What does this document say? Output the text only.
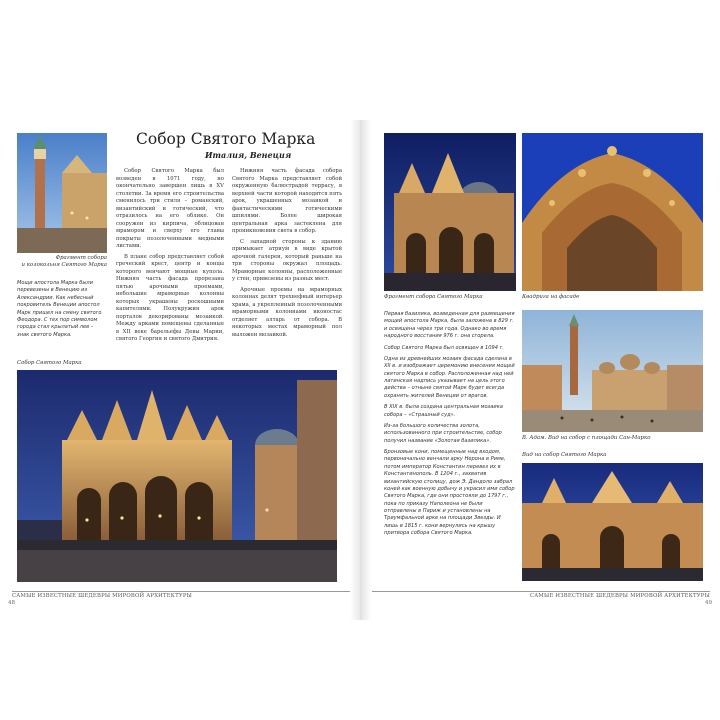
Фрагмент собора
и колокольня Святого Марка
Мощи апостола Марка были перевезены в Венецию из Александрии. Как небесный покровитель Венеции апостол Марк пришел на смену святого Феодора. С тех пор символом города стал крылатый лев – знак святого Марка.
Собор Святого Марка
Италия, Венеция

Собор Святого Марка был возведен в 1071 году, но окончательно завершен лишь в XV столетии. За время его строительства сменилось три стиля – романский, византийский и готический, что отразилось на его облике. Он сооружен из кирпича, облицован мрамором и сверху его главы покрыты позолоченными медными листами.

В плане собор представляет собой греческий крест, центр и концы которого венчают мощные купола. Нижняя часть фасада прорезана пятью арочными проемами, небольшие мраморные колонны которых украшены роскошными капителями. Полукружия арок порталов декорированы мозаикой. Между арками помещены сделанные в XII веке барельефы Девы Марии, святого Георгия и святого Дмитрия.

Нижняя часть фасада собора Святого Марка представляет собой окруженную балюстрадой террасу, в верхней части которой находятся пять арок, украшенных мозаикой и фантастическими готическими шпилями. Более широкая центральная арка застеклена для проникновения света в собор.

С западной стороны к зданию примыкает атриум в виде крытой арочной галереи, который раньше на три стороны окружал площадь. Мраморные колонны, расположенные у стен, привезены из разных мест.

Арочные проемы на мраморных колоннах делят трехнефный интерьер храма, а укрепленный позолоченными мраморными колоннами иконостас отделяет алтарь от собора. В некоторых местах мраморный пол выложен мозаикой.

Собор Святого Марка
САМЫЕ ИЗВЕСТНЫЕ ШЕДЕВРЫ МИРОВОЙ АРХИТЕКТУРЫ
48
Фрагмент собора Святого Марка	Квадрига на фасаде

Первая базилика, возведенная для размещения мощей апостола Марка, была заложена в 829 г. и освящена через три года. Однако во время народного восстания 976 г. она сгорела.

Собор Святого Марка был освящен в 1094 г.

Одна из древнейших мозаик фасада сделана в XII в. и изображает церемонию внесения мощей святого Марка в собор. Расположенная над ней латинская надпись указывает на цель этого действа – отныне святой Марк будет всегда охранять жителей Венеции от врагов.

В XIX в. была создана центральная мозаика собора – «Страшный суд».

Из-за большого количества золота, использованного при строительстве, собор получил название «Золотая базилика».

Бронзовые кони, помещенные над входом, первоначально венчали арку Нерона в Риме, потом император Константин перевез их в Константинополь. В 1204 г., захватив византийскую столицу, дож Э. Дандоло забрал коней как военную добычу и украсил ими собор Святого Марка, где они простояли до 1797 г., пока по приказу Наполеона не были отправлены в Париж и установлены на Триумфальной арке на площади Звезды. И лишь в 1815 г. кони вернулись на крышу притвора собора Святого Марка.

В. Адам. Вид на собор с площади Сан-Марко
Вид на собор Святого Марка
САМЫЕ ИЗВЕСТНЫЕ ШЕДЕВРЫ МИРОВОЙ АРХИТЕКТУРЫ
49
